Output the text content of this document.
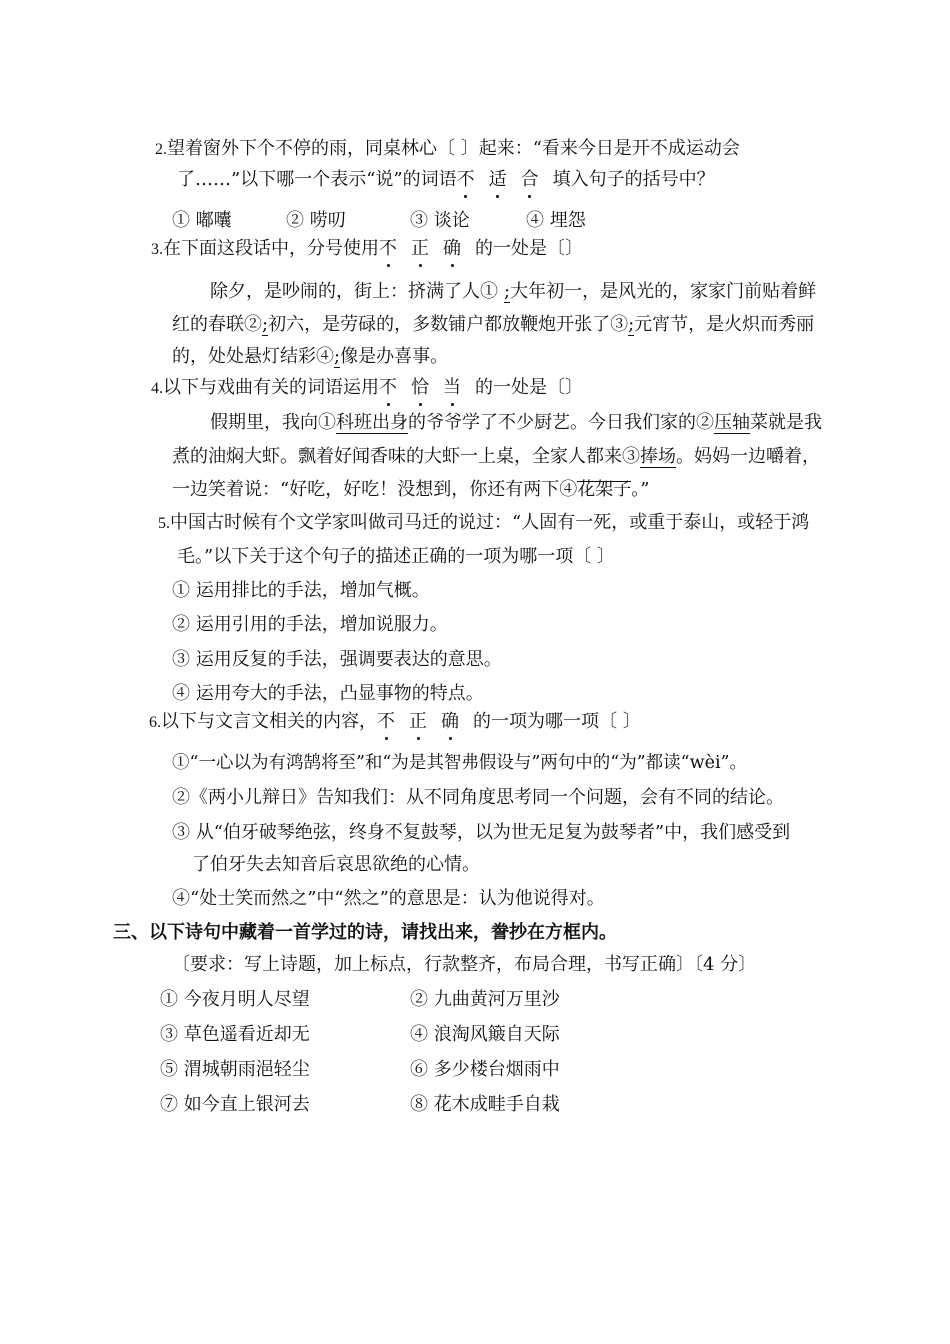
2.望着窗外下个不停的雨，同桌林心〔 〕起来：“看来今日是开不成运动会
了……”以下哪一个表示“说”的词语不 适 合 填入句子的括号中？
① 嘟囔	② 唠叨	③ 谈论	④ 埋怨
3.在下面这段话中，分号使用不 正 确 的一处是〔〕
除夕，是吵闹的，街上：挤满了人① ;大年初一，是风光的，家家门前贴着鲜
红的春联②;初六，是劳碌的，多数铺户都放鞭炮开张了③;元宵节，是火炽而秀丽
的，处处悬灯结彩④;像是办喜事。
4.以下与戏曲有关的词语运用不 恰 当 的一处是〔〕
假期里，我向①科班出身的爷爷学了不少厨艺。今日我们家的②压轴菜就是我
煮的油焖大虾。飘着好闻香味的大虾一上桌，全家人都来③捧场。妈妈一边嚼着，
一边笑着说：“好吃，好吃！没想到，你还有两下④花架子。”
5.中国古时候有个文学家叫做司马迁的说过：“人固有一死，或重于泰山，或轻于鸿
毛。”以下关于这个句子的描述正确的一项为哪一项〔 〕
① 运用排比的手法，增加气概。
② 运用引用的手法，增加说服力。
③ 运用反复的手法，强调要表达的意思。
④ 运用夸大的手法，凸显事物的特点。
6.以下与文言文相关的内容，不 正 确 的一项为哪一项〔 〕
①“一心以为有鸿鹄将至”和“为是其智弗假设与”两句中的“为”都读“wèi”。
②《两小儿辩日》告知我们：从不同角度思考同一个问题，会有不同的结论。
③ 从“伯牙破琴绝弦，终身不复鼓琴，以为世无足复为鼓琴者”中，我们感受到
了伯牙失去知音后哀思欲绝的心情。
④“处士笑而然之”中“然之”的意思是：认为他说得对。
三、以下诗句中藏着一首学过的诗，请找出来，誊抄在方框内。
〔要求：写上诗题，加上标点，行款整齐，布局合理，书写正确〕〔4 分〕
① 今夜月明人尽望	② 九曲黄河万里沙
③ 草色遥看近却无	④ 浪淘风簸自天际
⑤ 渭城朝雨浥轻尘	⑥ 多少楼台烟雨中
⑦ 如今直上银河去	⑧ 花木成畦手自栽
